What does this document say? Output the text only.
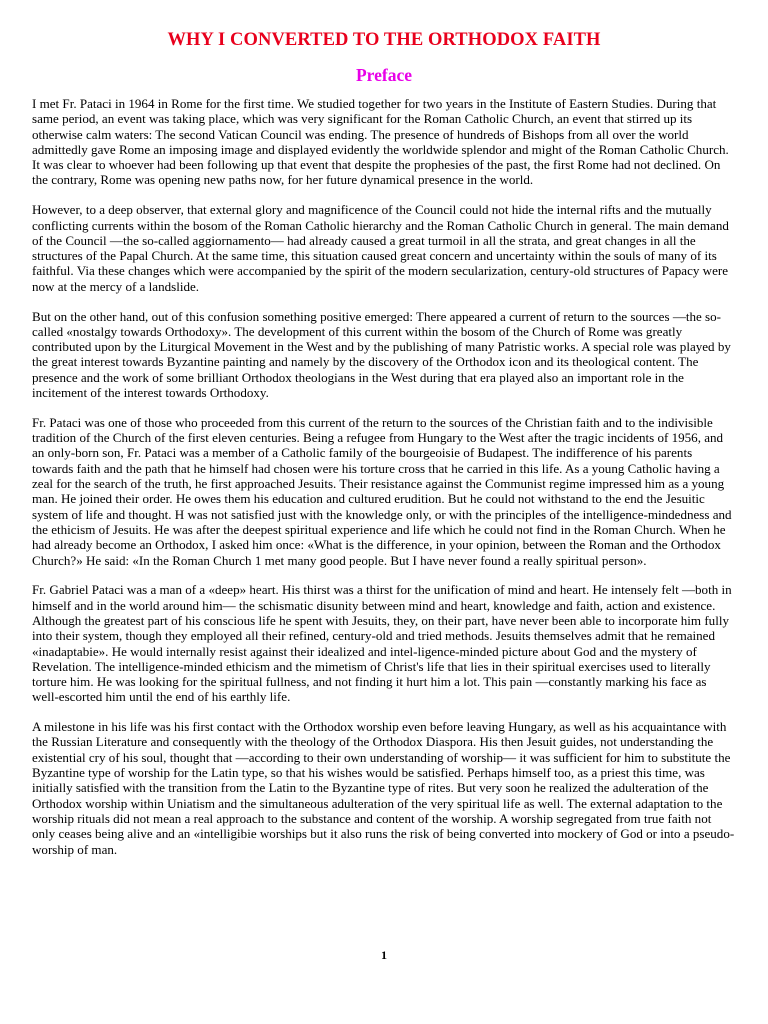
WHY I CONVERTED TO THE ORTHODOX FAITH
Preface

I met Fr. Pataci in 1964 in Rome for the first time. We studied together for two years in the Institute of Eastern Studies. During that same period, an event was taking place, which was very significant for the Roman Catholic Church, an event that stirred up its otherwise calm waters: The second Vatican Council was ending. The presence of hundreds of Bishops from all over the world admittedly gave Rome an imposing image and displayed evidently the worldwide splendor and might of the Roman Catholic Church. It was clear to whoever had been following up that event that despite the prophesies of the past, the first Rome had not declined. On the contrary, Rome was opening new paths now, for her future dynamical presence in the world.

However, to a deep observer, that external glory and magnificence of the Council could not hide the internal rifts and the mutually conflicting currents within the bosom of the Roman Catholic hierarchy and the Roman Catholic Church in general. The main demand of the Council —the so-called aggiornamento— had already caused a great turmoil in all the strata, and great changes in all the structures of the Papal Church. At the same time, this situation caused great concern and uncertainty within the souls of many of its faithful. Via these changes which were accompanied by the spirit of the modern secularization, century-old structures of Papacy were now at the mercy of a landslide.

But on the other hand, out of this confusion something positive emerged: There appeared a current of return to the sources —the so-called «nostalgy towards Orthodoxy». The development of this current within the bosom of the Church of Rome was greatly contributed upon by the Liturgical Movement in the West and by the publishing of many Patristic works. A special role was played by the great interest towards Byzantine painting and namely by the discovery of the Orthodox icon and its theological content. The presence and the work of some brilliant Orthodox theologians in the West during that era played also an important role in the incitement of the interest towards Orthodoxy.

Fr. Pataci was one of those who proceeded from this current of the return to the sources of the Christian faith and to the indivisible tradition of the Church of the first eleven centuries. Being a refugee from Hungary to the West after the tragic incidents of 1956, and an only-born son, Fr. Pataci was a member of a Catholic family of the bourgeoisie of Budapest. The indifference of his parents towards faith and the path that he himself had chosen were his torture cross that he carried in this life. As a young Catholic having a zeal for the search of the truth, he first approached Jesuits. Their resistance against the Communist regime impressed him as a young man. He joined their order. He owes them his education and cultured erudition. But he could not withstand to the end the Jesuitic system of life and thought. H was not satisfied just with the knowledge only, or with the principles of the intelligence-mindedness and the ethicism of Jesuits. He was after the deepest spiritual experience and life which he could not find in the Roman Church. When he had already become an Orthodox, I asked him once: «What is the difference, in your opinion, between the Roman and the Orthodox Church?» He said: «In the Roman Church 1 met many good people. But I have never found a really spiritual person».

Fr. Gabriel Pataci was a man of a «deep» heart. His thirst was a thirst for the unification of mind and heart. He intensely felt —both in himself and in the world around him— the schismatic disunity between mind and heart, knowledge and faith, action and existence. Although the greatest part of his conscious life he spent with Jesuits, they, on their part, have never been able to incorporate him fully into their system, though they employed all their refined, century-old and tried methods. Jesuits themselves admit that he remained «inadaptabie». He would internally resist against their idealized and intel-ligence-minded picture about God and the mystery of Revelation. The intelligence-minded ethicism and the mimetism of Christ's life that lies in their spiritual exercises used to literally torture him. He was looking for the spiritual fullness, and not finding it hurt him a lot. This pain —constantly marking his face as well-escorted him until the end of his earthly life.

A milestone in his life was his first contact with the Orthodox worship even before leaving Hungary, as well as his acquaintance with the Russian Literature and consequently with the theology of the Orthodox Diaspora. His then Jesuit guides, not understanding the existential cry of his soul, thought that —according to their own understanding of worship— it was sufficient for him to substitute the Byzantine type of worship for the Latin type, so that his wishes would be satisfied. Perhaps himself too, as a priest this time, was initially satisfied with the transition from the Latin to the Byzantine type of rites. But very soon he realized the adulteration of the Orthodox worship within Uniatism and the simultaneous adulteration of the very spiritual life as well. The external adaptation to the worship rituals did not mean a real approach to the substance and content of the worship. A worship segregated from true faith not only ceases being alive and an «intelligibie worships but it also runs the risk of being converted into mockery of God or into a pseudo-worship of man.

1
